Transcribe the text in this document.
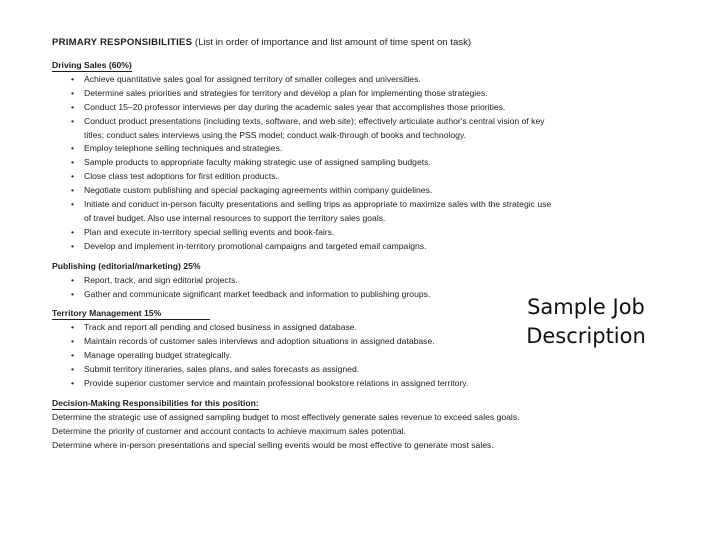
PRIMARY RESPONSIBILITIES (List in order of importance and list amount of time spent on task)
Driving Sales (60%)
• Achieve quantitative sales goal for assigned territory of smaller colleges and universities.
• Determine sales priorities and strategies for territory and develop a plan for implementing those strategies.
• Conduct 15–20 professor interviews per day during the academic sales year that accomplishes those priorities.
• Conduct product presentations (including texts, software, and web site); effectively articulate author's central vision of key titles; conduct sales interviews using the PSS model; conduct walk-through of books and technology.
• Employ telephone selling techniques and strategies.
• Sample products to appropriate faculty making strategic use of assigned sampling budgets.
• Close class test adoptions for first edition products.
• Negotiate custom publishing and special packaging agreements within company guidelines.
• Initiate and conduct in-person faculty presentations and selling trips as appropriate to maximize sales with the strategic use of travel budget. Also use internal resources to support the territory sales goals.
• Plan and execute in-territory special selling events and book-fairs.
• Develop and implement in-territory promotional campaigns and targeted email campaigns.
Publishing (editorial/marketing) 25%
• Report, track, and sign editorial projects.
• Gather and communicate significant market feedback and information to publishing groups.
Territory Management 15%
• Track and report all pending and closed business in assigned database.
• Maintain records of customer sales interviews and adoption situations in assigned database.
• Manage operating budget strategically.
• Submit territory itineraries, sales plans, and sales forecasts as assigned.
• Provide superior customer service and maintain professional bookstore relations in assigned territory.
Decision-Making Responsibilities for this position:
Determine the strategic use of assigned sampling budget to most effectively generate sales revenue to exceed sales goals.
Determine the priority of customer and account contacts to achieve maximum sales potential.
Determine where in-person presentations and special selling events would be most effective to generate most sales.
Sample Job
Description
